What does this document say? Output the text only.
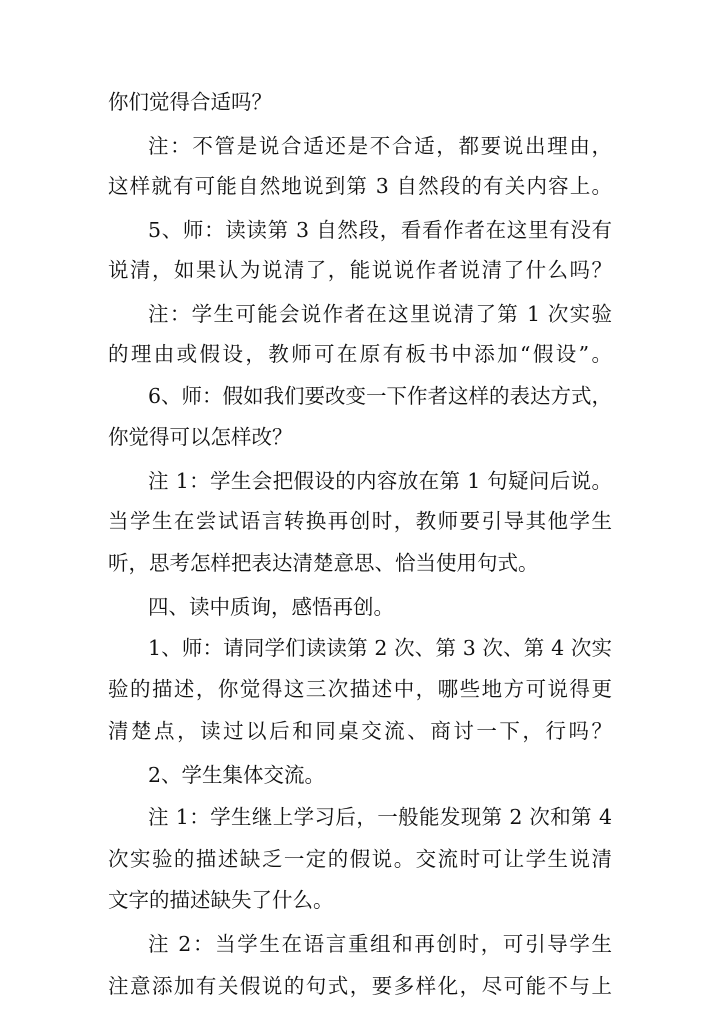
你们觉得合适吗？
注：不管是说合适还是不合适，都要说出理由，
这样就有可能自然地说到第 3 自然段的有关内容上。
5、师：读读第 3 自然段，看看作者在这里有没有
说清，如果认为说清了，能说说作者说清了什么吗？
注：学生可能会说作者在这里说清了第 1 次实验
的理由或假设，教师可在原有板书中添加“假设”。
6、师：假如我们要改变一下作者这样的表达方式，
你觉得可以怎样改？
注 1：学生会把假设的内容放在第 1 句疑问后说。
当学生在尝试语言转换再创时，教师要引导其他学生
听，思考怎样把表达清楚意思、恰当使用句式。
四、读中质询，感悟再创。
1、师：请同学们读读第 2 次、第 3 次、第 4 次实
验的描述，你觉得这三次描述中，哪些地方可说得更
清楚点，读过以后和同桌交流、商讨一下，行吗？
2、学生集体交流。
注 1：学生继上学习后，一般能发现第 2 次和第 4
次实验的描述缺乏一定的假说。交流时可让学生说清
文字的描述缺失了什么。
注 2：当学生在语言重组和再创时，可引导学生
注意添加有关假说的句式，要多样化，尽可能不与上
